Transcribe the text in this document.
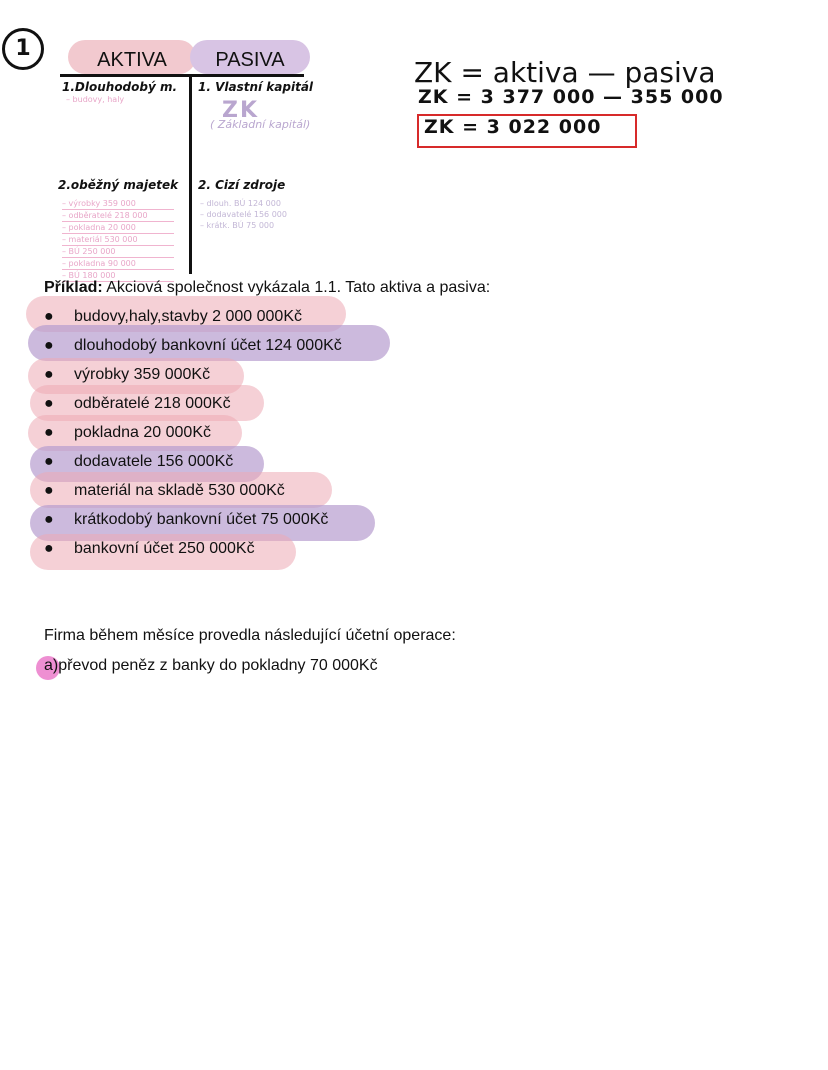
1	AKTIVA	PASIVA
1.Dlouhodobý m. 1. Vlastní kapitál
ZK
( Základní kapitál)
– budovy, haly
2.oběžný majetek 2. Cizí zdroje
– výrobky 359 000
– odběratelé 218 000
– pokladna 20 000
– materiál 530 000
– BÚ 250 000
– pokladna 90 000
– BÚ 180 000
– dlouh. BÚ 124 000
– dodavatelé 156 000
– krátk. BÚ 75 000
ZK = aktiva — pasiva
ZK = 3 377 000 — 355 000
ZK = 3 022 000
Příklad: Akciová společnost vykázala 1.1. Tato aktiva a pasiva:
● budovy,haly,stavby 2 000 000Kč
● dlouhodobý bankovní účet 124 000Kč
● výrobky 359 000Kč
● odběratelé 218 000Kč
● pokladna 20 000Kč
● dodavatele 156 000Kč
● materiál na skladě 530 000Kč
● krátkodobý bankovní účet 75 000Kč
● bankovní účet 250 000Kč
Firma během měsíce provedla následující účetní operace:
a)převod peněz z banky do pokladny 70 000Kč
